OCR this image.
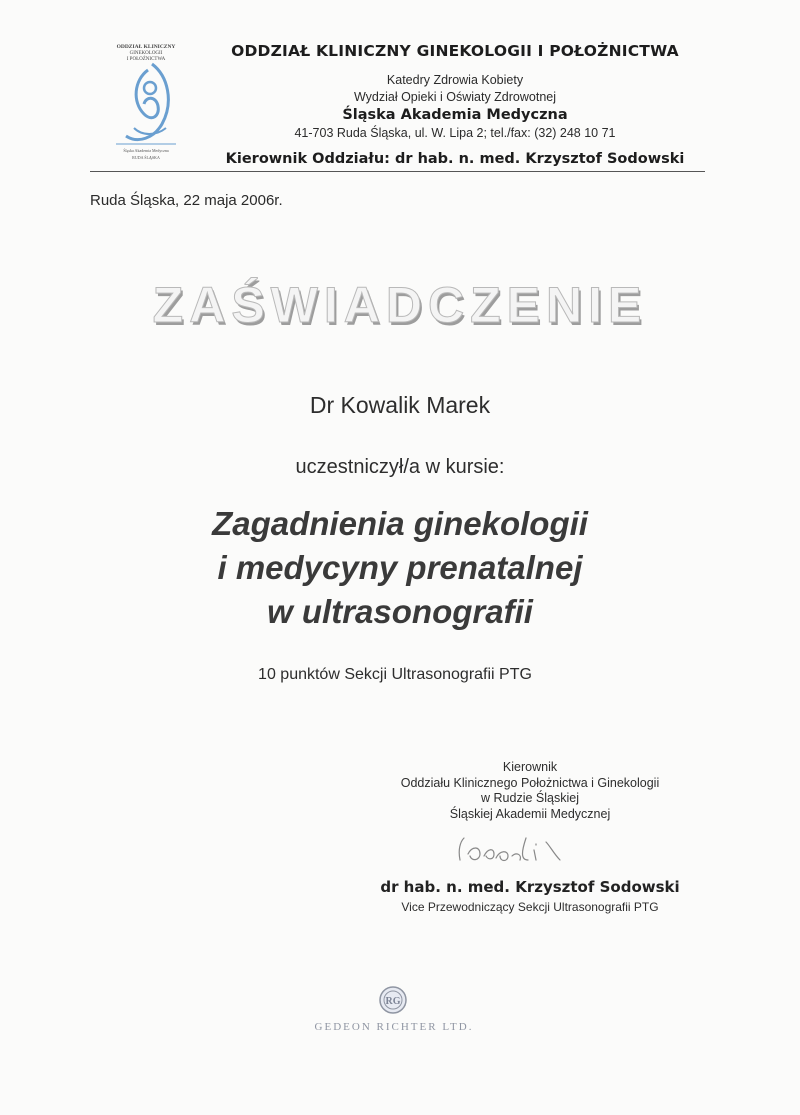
ODDZIAŁ KLINICZNY
GINEKOLOGII
I POŁOŻNICTWA
Śląska Akademia Medyczna
RUDA ŚLĄSKA
ODDZIAŁ KLINICZNY GINEKOLOGII I POŁOŻNICTWA
Katedry Zdrowia Kobiety
Wydział Opieki i Oświaty Zdrowotnej
Śląska Akademia Medyczna
41-703 Ruda Śląska, ul. W. Lipa 2; tel./fax: (32) 248 10 71
Kierownik Oddziału: dr hab. n. med. Krzysztof Sodowski
Ruda Śląska, 22 maja 2006r.
ZAŚWIADCZENIE
Dr Kowalik Marek
uczestniczył/a w kursie:
Zagadnienia ginekologii
i medycyny prenatalnej
w ultrasonografii
10 punktów Sekcji Ultrasonografii PTG
Kierownik
Oddziału Klinicznego Położnictwa i Ginekologii
w Rudzie Śląskiej
Śląskiej Akademii Medycznej
dr hab. n. med. Krzysztof Sodowski
Vice Przewodniczący Sekcji Ultrasonografii PTG
RG
GEDEON RICHTER LTD.
